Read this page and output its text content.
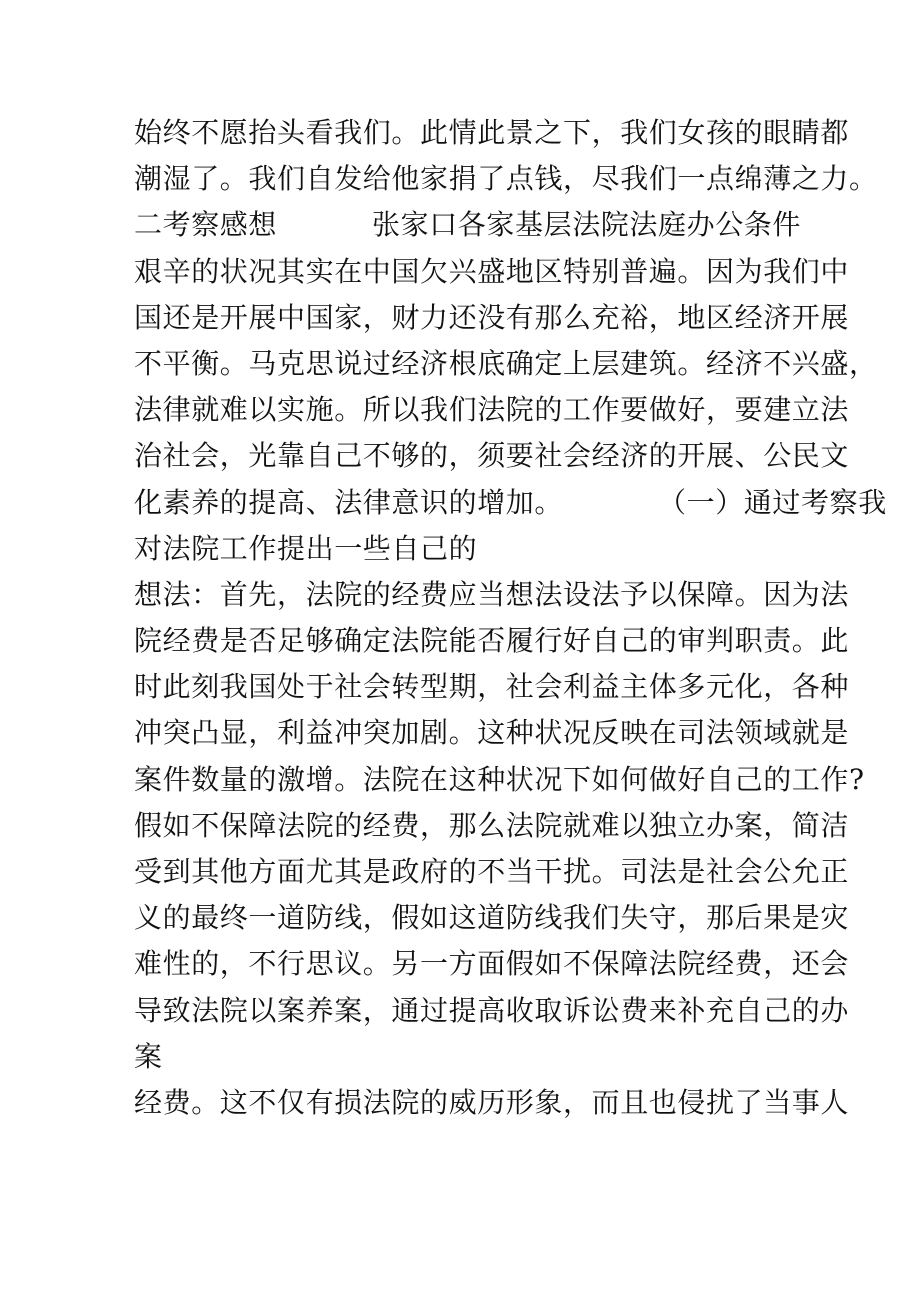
始终不愿抬头看我们。此情此景之下，我们女孩的眼睛都
潮湿了。我们自发给他家捐了点钱，尽我们一点绵薄之力。
二考察感想          张家口各家基层法院法庭办公条件
艰辛的状况其实在中国欠兴盛地区特别普遍。因为我们中
国还是开展中国家，财力还没有那么充裕，地区经济开展
不平衡。马克思说过经济根底确定上层建筑。经济不兴盛，
法律就难以实施。所以我们法院的工作要做好，要建立法
治社会，光靠自己不够的，须要社会经济的开展、公民文
化素养的提高、法律意识的增加。          （一）通过考察我
对法院工作提出一些自己的
想法：首先，法院的经费应当想法设法予以保障。因为法
院经费是否足够确定法院能否履行好自己的审判职责。此
时此刻我国处于社会转型期，社会利益主体多元化，各种
冲突凸显，利益冲突加剧。这种状况反映在司法领域就是
案件数量的激增。法院在这种状况下如何做好自己的工作?
假如不保障法院的经费，那么法院就难以独立办案，简洁
受到其他方面尤其是政府的不当干扰。司法是社会公允正
义的最终一道防线，假如这道防线我们失守，那后果是灾
难性的，不行思议。另一方面假如不保障法院经费，还会
导致法院以案养案，通过提高收取诉讼费来补充自己的办
案
经费。这不仅有损法院的威历形象，而且也侵扰了当事人
